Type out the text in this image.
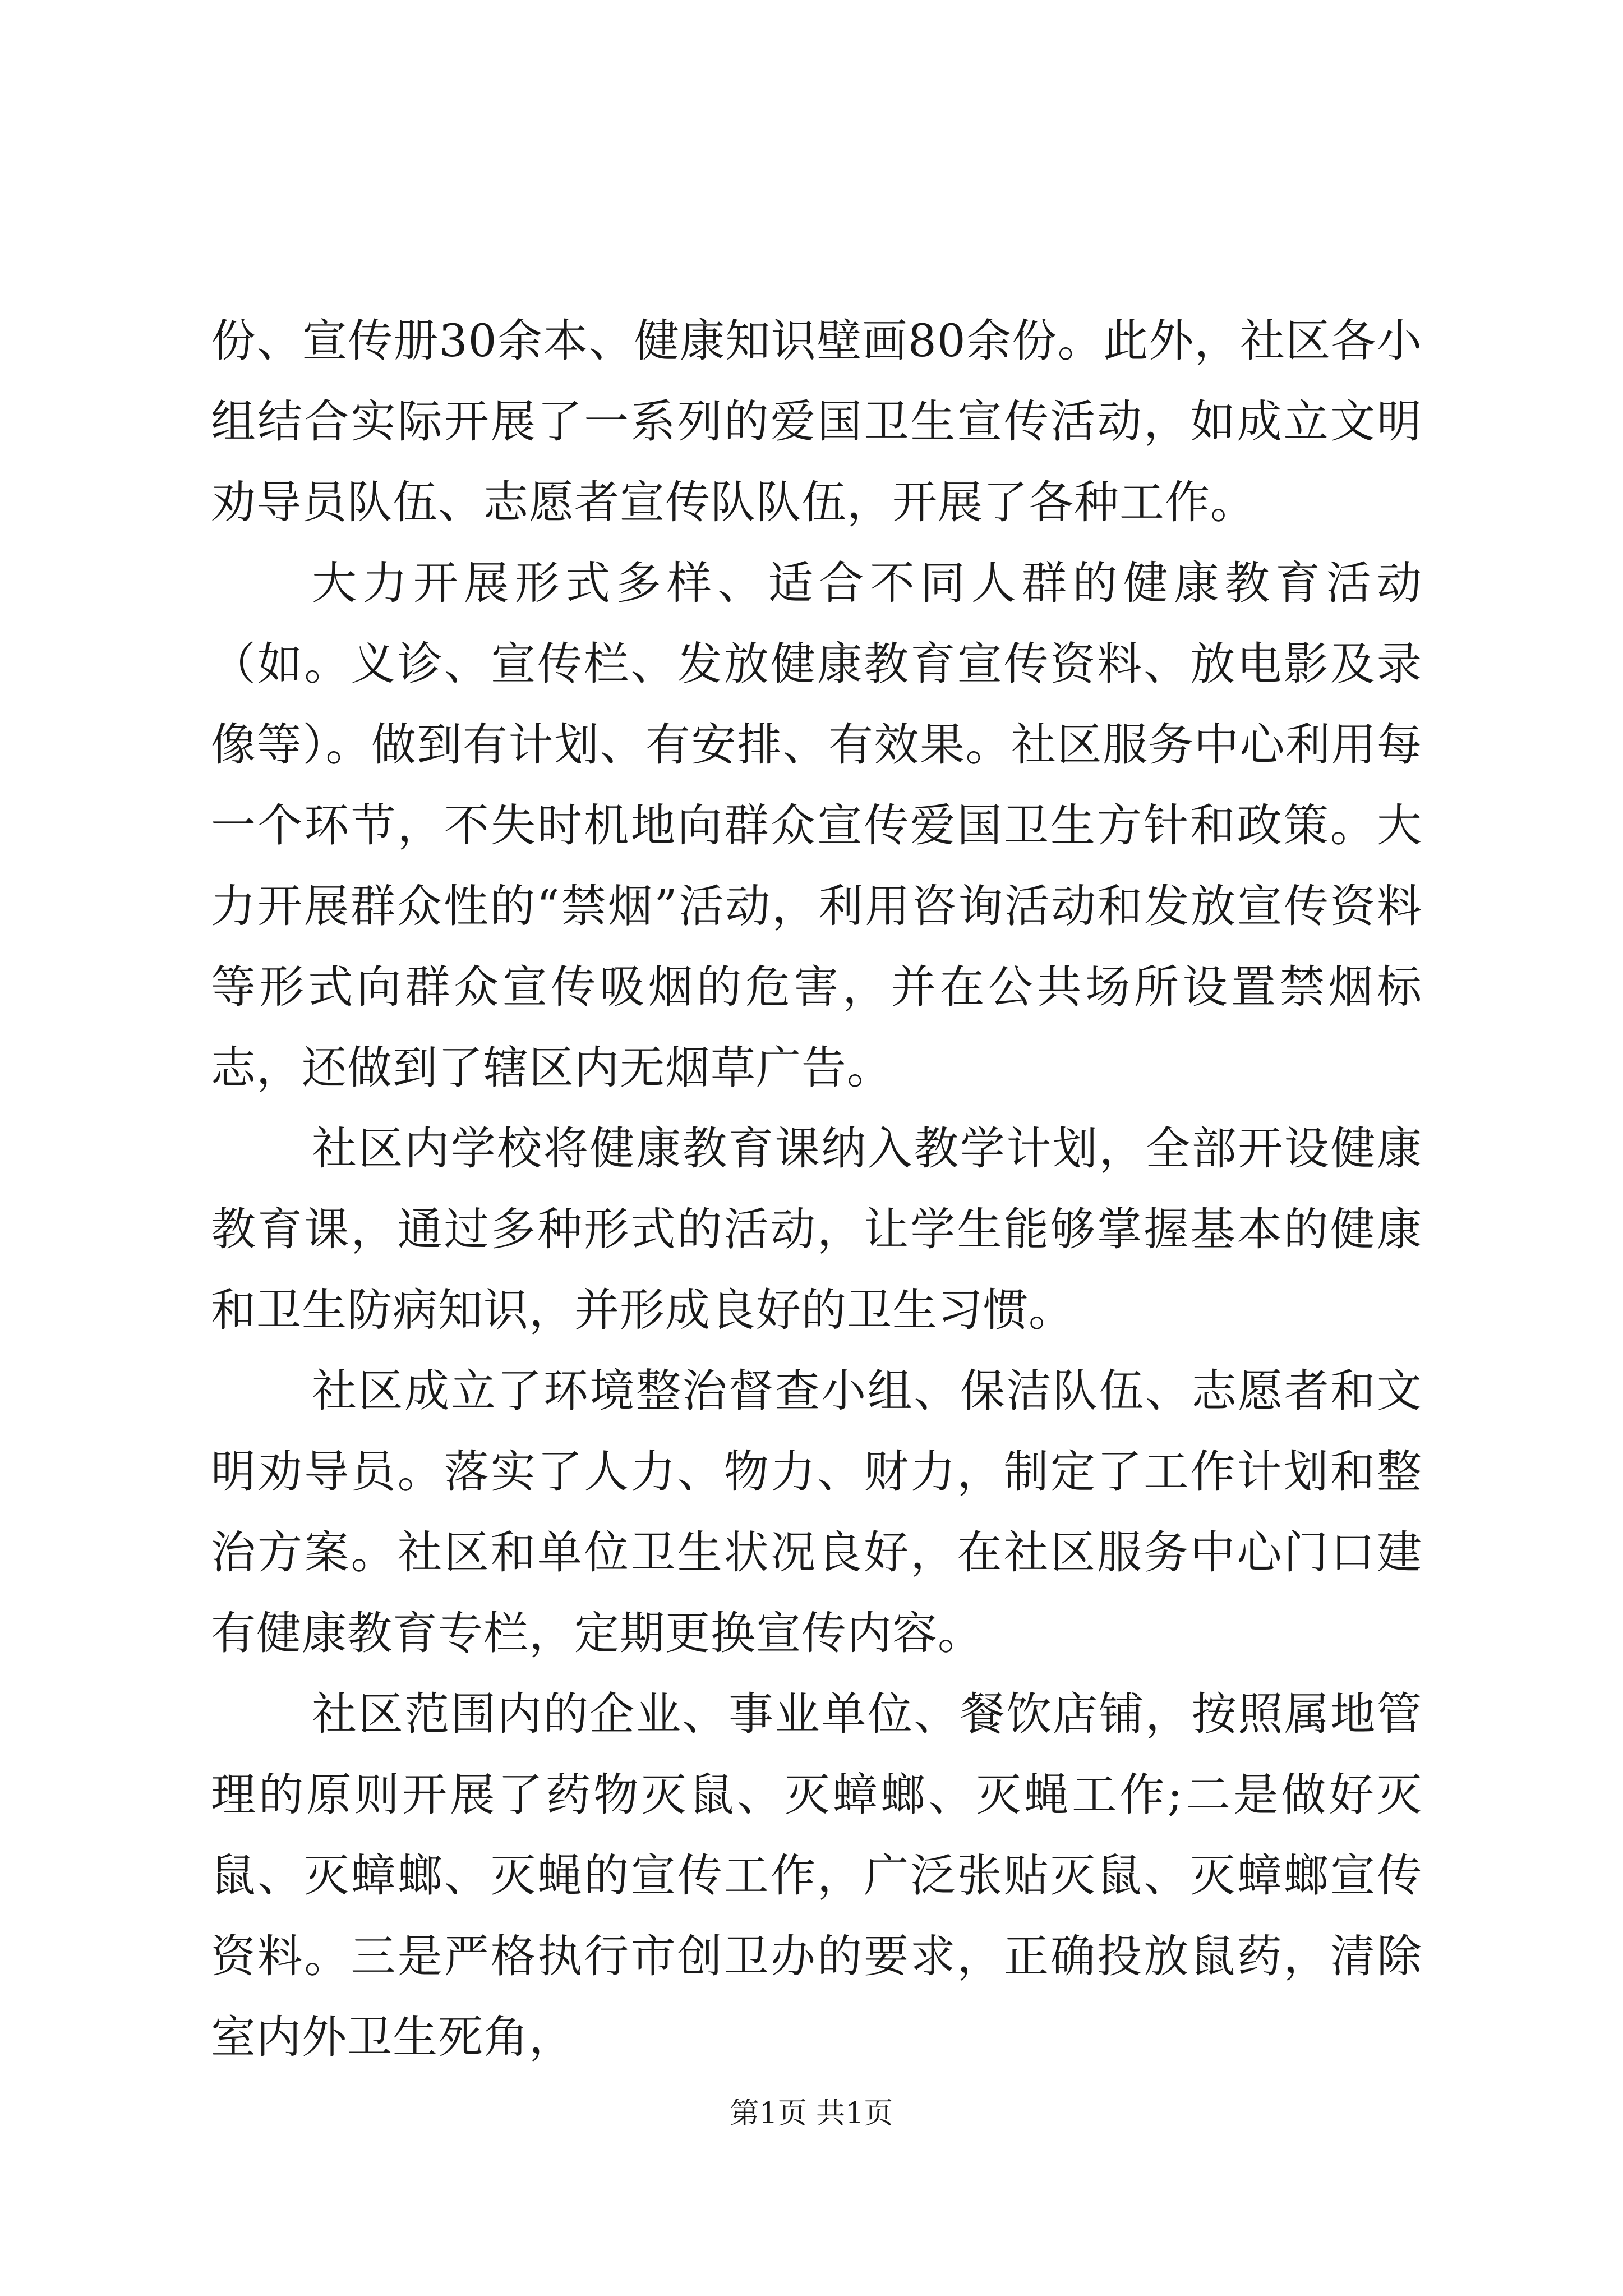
份、宣传册30余本、健康知识壁画80余份。此外，社区各小组结合实际开展了一系列的爱国卫生宣传活动，如成立文明劝导员队伍、志愿者宣传队队伍，开展了各种工作。

大力开展形式多样、适合不同人群的健康教育活动（如。义诊、宣传栏、发放健康教育宣传资料、放电影及录像等）。做到有计划、有安排、有效果。社区服务中心利用每一个环节，不失时机地向群众宣传爱国卫生方针和政策。大力开展群众性的“禁烟”活动，利用咨询活动和发放宣传资料等形式向群众宣传吸烟的危害，并在公共场所设置禁烟标志，还做到了辖区内无烟草广告。

社区内学校将健康教育课纳入教学计划，全部开设健康教育课，通过多种形式的活动，让学生能够掌握基本的健康和卫生防病知识，并形成良好的卫生习惯。

社区成立了环境整治督查小组、保洁队伍、志愿者和文明劝导员。落实了人力、物力、财力，制定了工作计划和整治方案。社区和单位卫生状况良好，在社区服务中心门口建有健康教育专栏，定期更换宣传内容。

社区范围内的企业、事业单位、餐饮店铺，按照属地管理的原则开展了药物灭鼠、灭蟑螂、灭蝇工作;二是做好灭鼠、灭蟑螂、灭蝇的宣传工作，广泛张贴灭鼠、灭蟑螂宣传资料。三是严格执行市创卫办的要求，正确投放鼠药，清除室内外卫生死角，

第1页 共1页
